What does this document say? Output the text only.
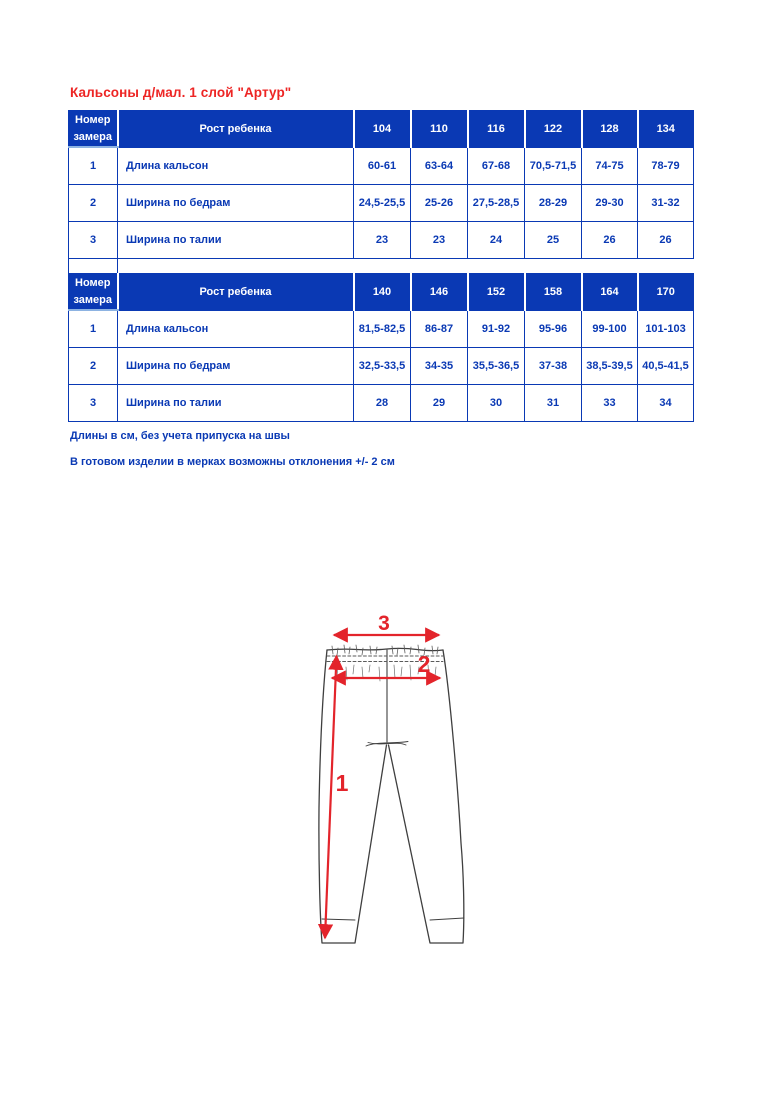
Кальсоны д/мал. 1 слой "Артур"
Номер замера	Рост ребенка	104	110	116	122	128	134
1	Длина кальсон	60-61	63-64	67-68	70,5-71,5	74-75	78-79
2	Ширина по бедрам	24,5-25,5	25-26	27,5-28,5	28-29	29-30	31-32
3	Ширина по талии	23	23	24	25	26	26
Номер замера	Рост ребенка	140	146	152	158	164	170
1	Длина кальсон	81,5-82,5	86-87	91-92	95-96	99-100	101-103
2	Ширина по бедрам	32,5-33,5	34-35	35,5-36,5	37-38	38,5-39,5	40,5-41,5
3	Ширина по талии	28	29	30	31	33	34
Длины в см, без учета припуска на швы
В готовом изделии в мерках возможны отклонения +/- 2 см
3
2
1
